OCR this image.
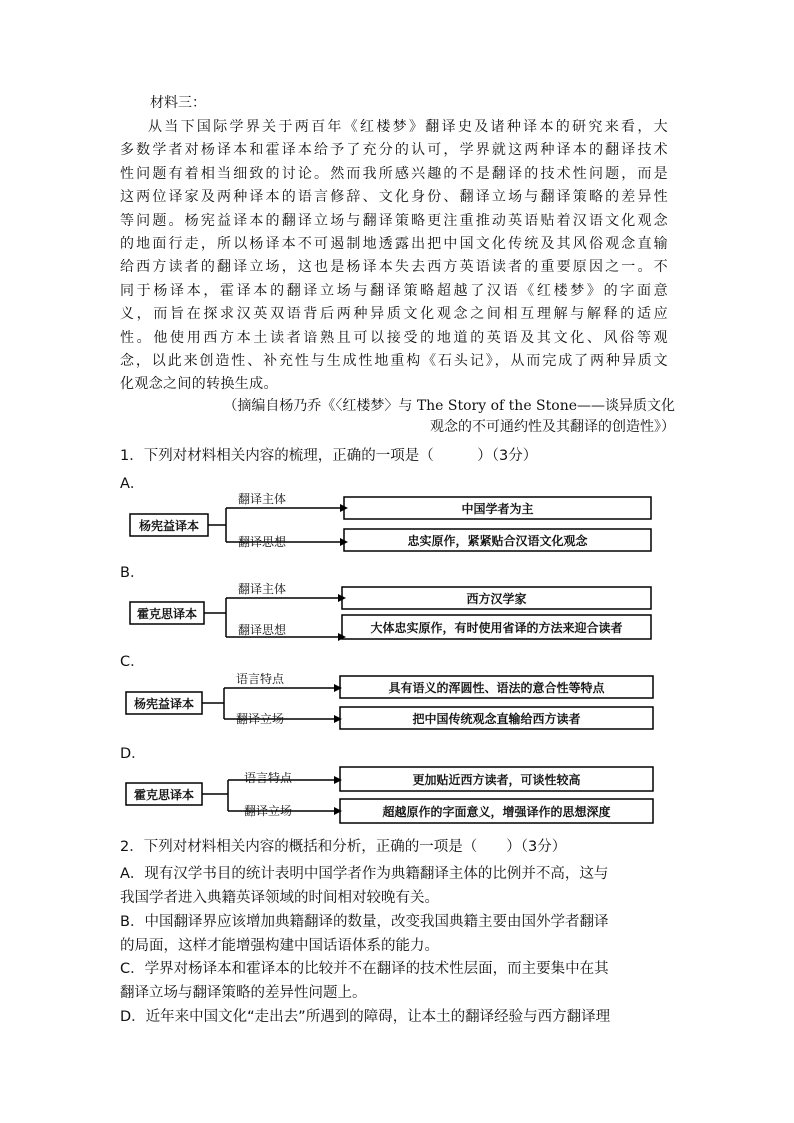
材料三：
从当下国际学界关于两百年《红楼梦》翻译史及诸种译本的研究来看，大
多数学者对杨译本和霍译本给予了充分的认可，学界就这两种译本的翻译技术
性问题有着相当细致的讨论。然而我所感兴趣的不是翻译的技术性问题，而是
这两位译家及两种译本的语言修辞、文化身份、翻译立场与翻译策略的差异性
等问题。杨宪益译本的翻译立场与翻译策略更注重推动英语贴着汉语文化观念
的地面行走，所以杨译本不可遏制地透露出把中国文化传统及其风俗观念直输
给西方读者的翻译立场，这也是杨译本失去西方英语读者的重要原因之一。不
同于杨译本，霍译本的翻译立场与翻译策略超越了汉语《红楼梦》的字面意
义，而旨在探求汉英双语背后两种异质文化观念之间相互理解与解释的适应
性。他使用西方本土读者谙熟且可以接受的地道的英语及其文化、风俗等观
念，以此来创造性、补充性与生成性地重构《石头记》，从而完成了两种异质文
化观念之间的转换生成。
（摘编自杨乃乔《〈红楼梦〉与 The Story of the Stone——谈异质文化
观念的不可通约性及其翻译的创造性》）
1．下列对材料相关内容的梳理，正确的一项是（　　　）（3分）
A．
杨宪益译本
翻译主体
翻译思想
中国学者为主
忠实原作，紧紧贴合汉语文化观念
B．
霍克思译本
翻译主体
翻译思想
西方汉学家
大体忠实原作，有时使用省译的方法来迎合读者
C．
杨宪益译本
语言特点
翻译立场
具有语义的浑圆性、语法的意合性等特点
把中国传统观念直输给西方读者
D．
霍克思译本
语言特点
翻译立场
更加贴近西方读者，可谈性较高
超越原作的字面意义，增强译作的思想深度
2．下列对材料相关内容的概括和分析，正确的一项是（　　）（3分）
A．现有汉学书目的统计表明中国学者作为典籍翻译主体的比例并不高，这与
我国学者进入典籍英译领域的时间相对较晚有关。
B．中国翻译界应该增加典籍翻译的数量，改变我国典籍主要由国外学者翻译
的局面，这样才能增强构建中国话语体系的能力。
C．学界对杨译本和霍译本的比较并不在翻译的技术性层面，而主要集中在其
翻译立场与翻译策略的差异性问题上。
D．近年来中国文化“走出去”所遇到的障碍，让本土的翻译经验与西方翻译理
